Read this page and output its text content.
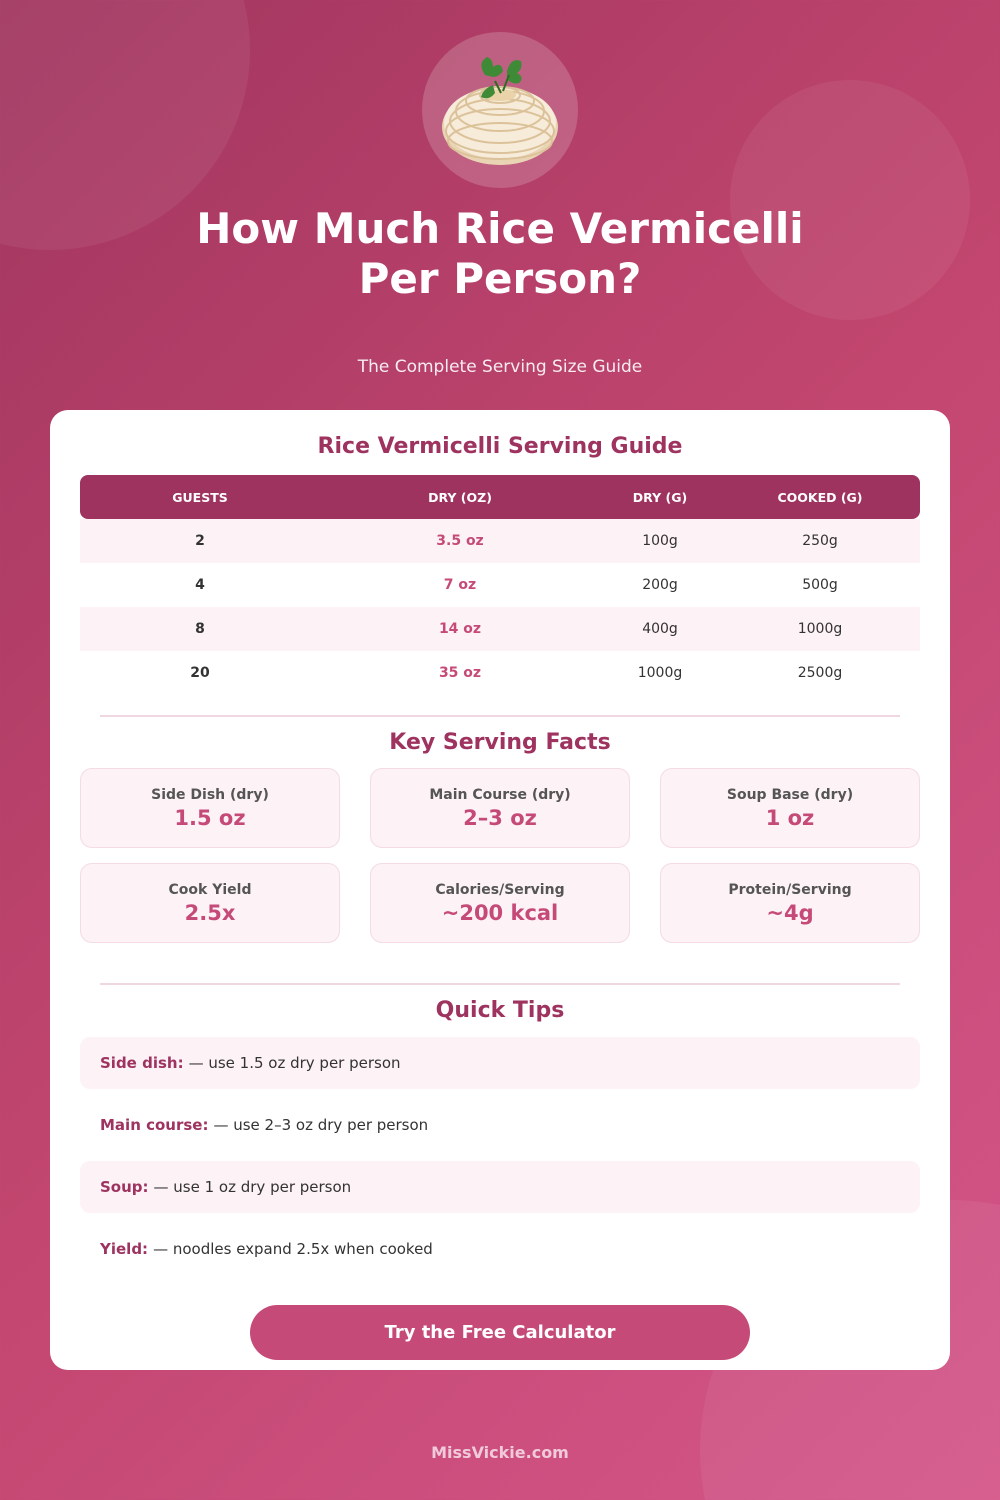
How Much Rice Vermicelli
Per Person?
The Complete Serving Size Guide
Rice Vermicelli Serving Guide
GUESTS	DRY (OZ)	DRY (G)	COOKED (G)
2	3.5 oz	100g	250g
4	7 oz	200g	500g
8	14 oz	400g	1000g
20	35 oz	1000g	2500g
Key Serving Facts
Side Dish (dry)
1.5 oz
Main Course (dry)
2–3 oz
Soup Base (dry)
1 oz
Cook Yield
2.5x
Calories/Serving
~200 kcal
Protein/Serving
~4g
Quick Tips
Side dish: — use 1.5 oz dry per person
Main course: — use 2–3 oz dry per person
Soup: — use 1 oz dry per person
Yield: — noodles expand 2.5x when cooked
Try the Free Calculator
MissVickie.com
